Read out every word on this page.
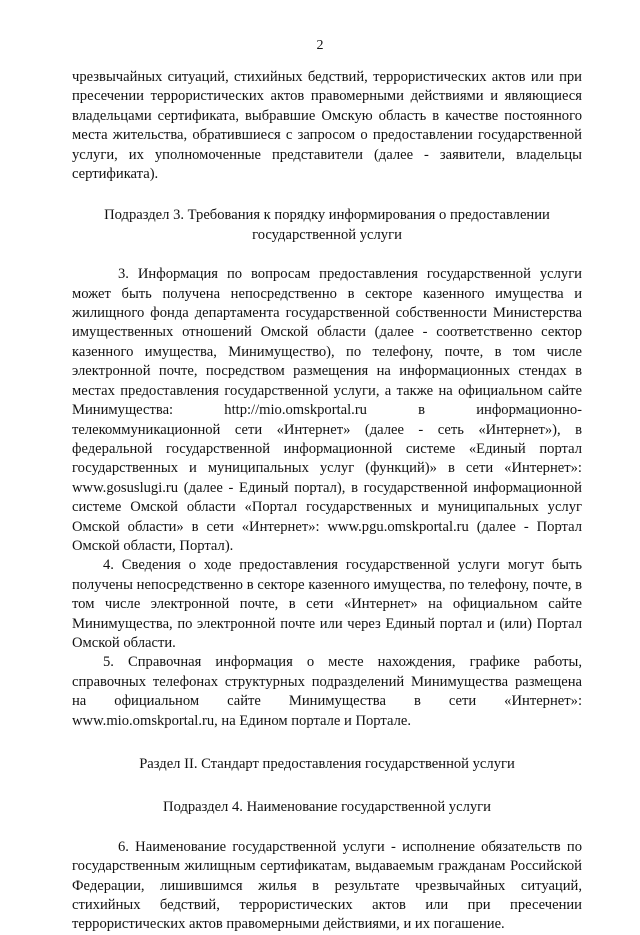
2

чрезвычайных ситуаций, стихийных бедствий, террористических актов или при пресечении террористических актов правомерными действиями и являющиеся владельцами сертификата, выбравшие Омскую область в качестве постоянного места жительства, обратившиеся с запросом о предоставлении государственной услуги, их уполномоченные представители (далее - заявители, владельцы сертификата).

Подраздел 3. Требования к порядку информирования о предоставлении государственной услуги

3. Информация по вопросам предоставления государственной услуги может быть получена непосредственно в секторе казенного имущества и жилищного фонда департамента государственной собственности Министерства имущественных отношений Омской области (далее - соответственно сектор казенного имущества, Минимущество), по телефону, почте, в том числе электронной почте, посредством размещения на информационных стендах в местах предоставления государственной услуги, а также на официальном сайте Минимущества: http://mio.omskportal.ru в информационно-телекоммуникационной сети «Интернет» (далее - сеть «Интернет»), в федеральной государственной информационной системе «Единый портал государственных и муниципальных услуг (функций)» в сети «Интернет»: www.gosuslugi.ru (далее - Единый портал), в государственной информационной системе Омской области «Портал государственных и муниципальных услуг Омской области» в сети «Интернет»: www.pgu.omskportal.ru (далее - Портал Омской области, Портал).

4. Сведения о ходе предоставления государственной услуги могут быть получены непосредственно в секторе казенного имущества, по телефону, почте, в том числе электронной почте, в сети «Интернет» на официальном сайте Минимущества, по электронной почте или через Единый портал и (или) Портал Омской области.

5. Справочная информация о месте нахождения, графике работы, справочных телефонах структурных подразделений Минимущества размещена на официальном сайте Минимущества в сети «Интернет»: www.mio.omskportal.ru, на Едином портале и Портале.

Раздел II. Стандарт предоставления государственной услуги

Подраздел 4. Наименование государственной услуги

6. Наименование государственной услуги - исполнение обязательств по государственным жилищным сертификатам, выдаваемым гражданам Российской Федерации, лишившимся жилья в результате чрезвычайных ситуаций, стихийных бедствий, террористических актов или при пресечении террористических актов правомерными действиями, и их погашение.
